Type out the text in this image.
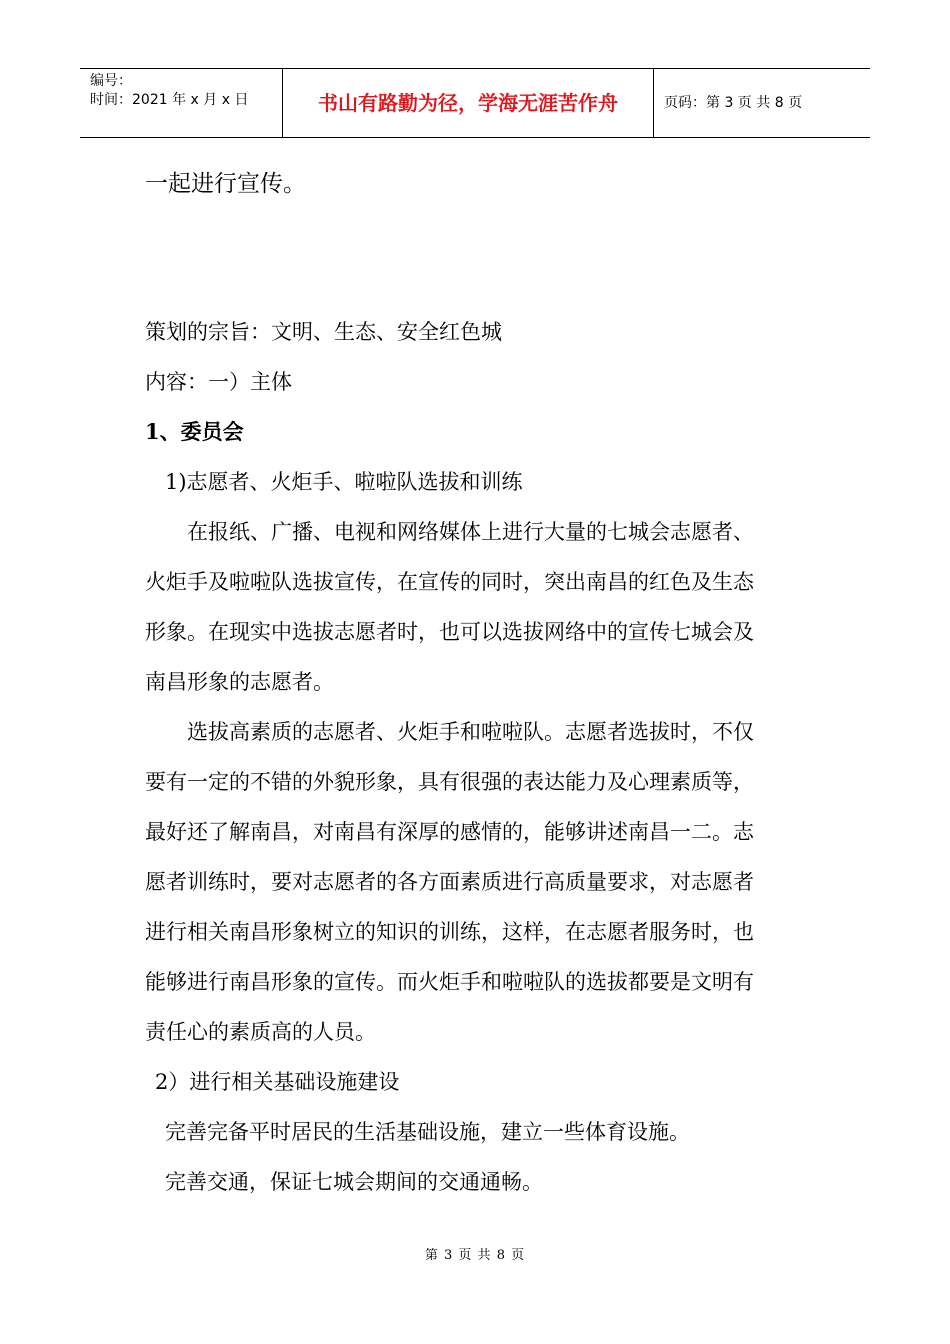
编号：
时间：2021 年 x 月 x 日	书山有路勤为径，学海无涯苦作舟	页码：第 3 页 共 8 页
一起进行宣传。
策划的宗旨：文明、生态、安全红色城
内容：一）主体
1、委员会
1)志愿者、火炬手、啦啦队选拔和训练
在报纸、广播、电视和网络媒体上进行大量的七城会志愿者、
火炬手及啦啦队选拔宣传，在宣传的同时，突出南昌的红色及生态
形象。在现实中选拔志愿者时，也可以选拔网络中的宣传七城会及
南昌形象的志愿者。
选拔高素质的志愿者、火炬手和啦啦队。志愿者选拔时，不仅
要有一定的不错的外貌形象，具有很强的表达能力及心理素质等，
最好还了解南昌，对南昌有深厚的感情的，能够讲述南昌一二。志
愿者训练时，要对志愿者的各方面素质进行高质量要求，对志愿者
进行相关南昌形象树立的知识的训练，这样，在志愿者服务时，也
能够进行南昌形象的宣传。而火炬手和啦啦队的选拔都要是文明有
责任心的素质高的人员。
2）进行相关基础设施建设
完善完备平时居民的生活基础设施，建立一些体育设施。
完善交通，保证七城会期间的交通通畅。
第 3 页 共 8 页
